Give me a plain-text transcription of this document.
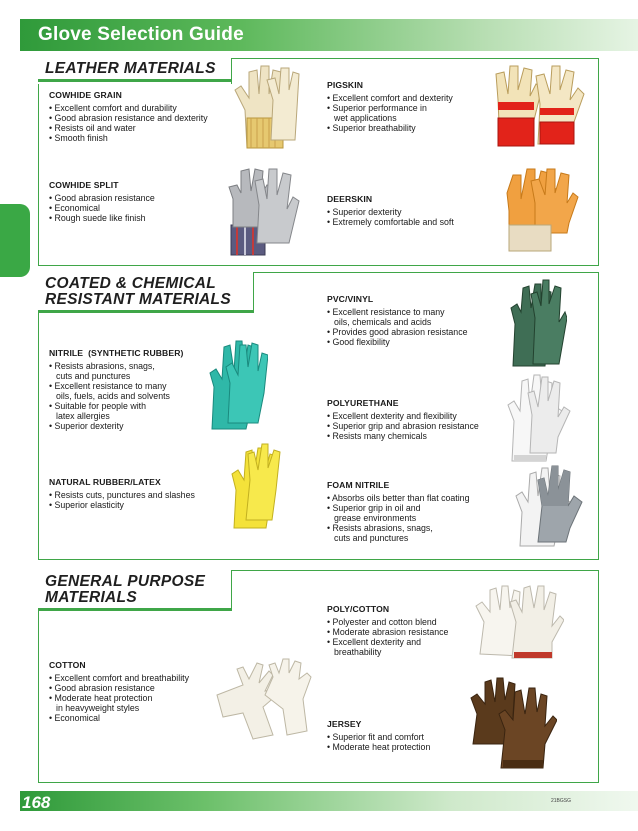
Glove Selection Guide
LEATHER MATERIALS
COWHIDE GRAIN
• Excellent comfort and durability
• Good abrasion resistance and dexterity
• Resists oil and water
• Smooth finish
COWHIDE SPLIT
• Good abrasion resistance
• Economical
• Rough suede like finish
PIGSKIN
• Excellent comfort and dexterity
• Superior performance in wet applications
• Superior breathability
DEERSKIN
• Superior dexterity
• Extremely comfortable and soft
COATED & CHEMICAL
RESISTANT MATERIALS
NITRILE  (SYNTHETIC RUBBER)
• Resists abrasions, snags, cuts and punctures
• Excellent resistance to many oils, fuels, acids and solvents
• Suitable for people with latex allergies
• Superior dexterity
NATURAL RUBBER/LATEX
• Resists cuts, punctures and slashes
• Superior elasticity
PVC/VINYL
• Excellent resistance to many oils, chemicals and acids
• Provides good abrasion resistance
• Good flexibility
POLYURETHANE
• Excellent dexterity and flexibility
• Superior grip and abrasion resistance
• Resists many chemicals
FOAM NITRILE
• Absorbs oils better than flat coating
• Superior grip in oil and grease environments
• Resists abrasions, snags, cuts and punctures
GENERAL PURPOSE
MATERIALS
COTTON
• Excellent comfort and breathability
• Good abrasion resistance
• Moderate heat protection in heavyweight styles
• Economical
POLY/COTTON
• Polyester and cotton blend
• Moderate abrasion resistance
• Excellent dexterity and breathability
JERSEY
• Superior fit and comfort
• Moderate heat protection
168	21BGSG
